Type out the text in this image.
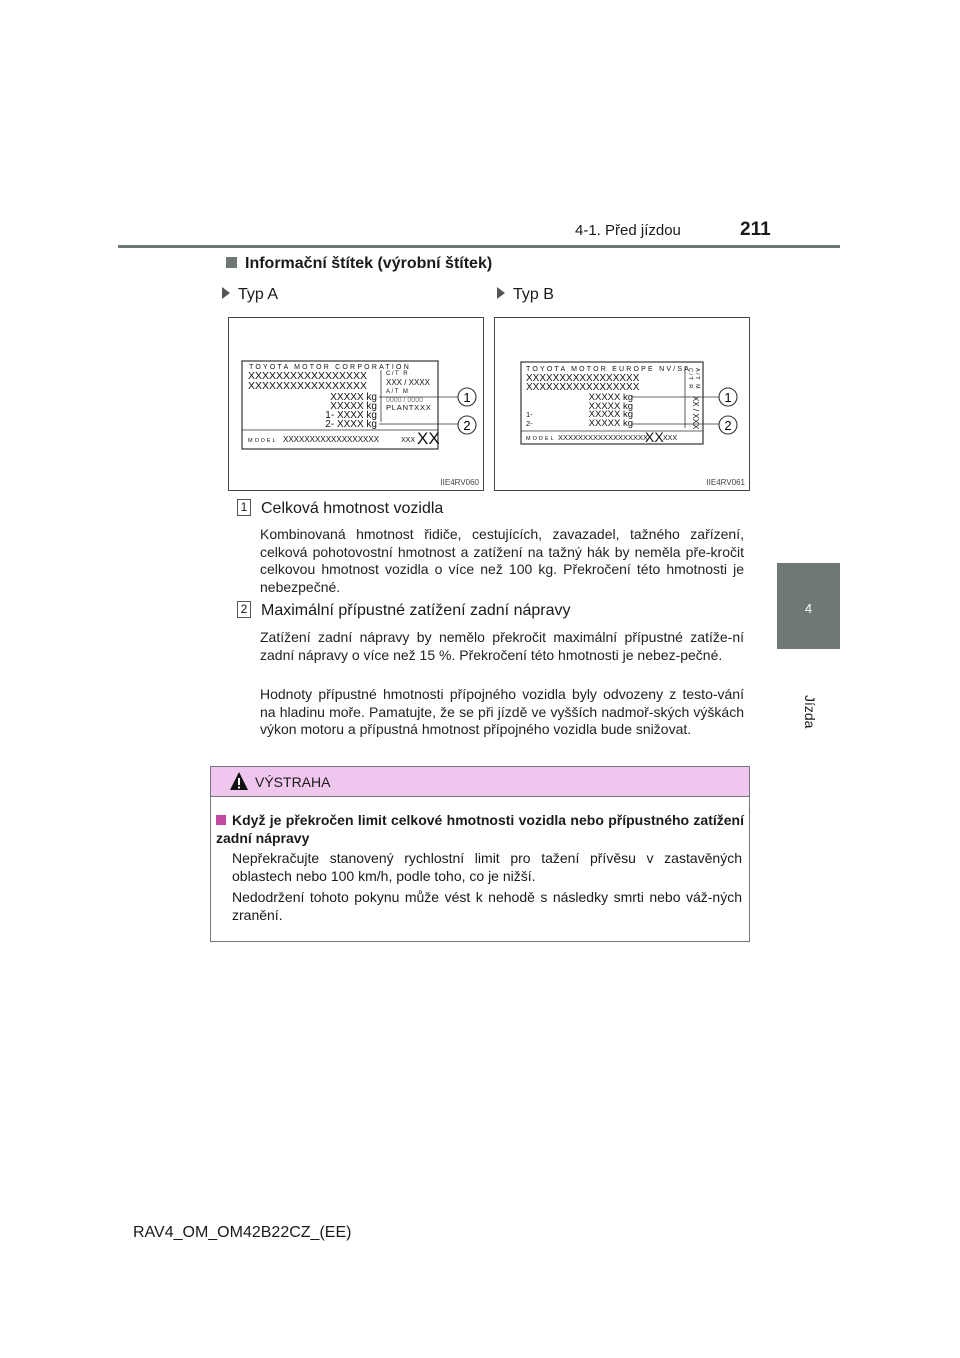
4-1. Před jízdou	211
4
Jízda
Informační štítek (výrobní štítek)
Typ A	Typ B
TOYOTA MOTOR CORPORATION
XXXXXXXXXXXXXXXXX
XXXXXXXXXXXXXXXXX
XXXXX kg
XXXXX kg
1- XXXX kg
2- XXXX kg
C/T R
XXX / XXXX
A/T M
0000 / 0000
PLANTXXX
MODEL XXXXXXXXXXXXXXXXXX	XXX XX
1
2
IIE4RV060
TOYOTA MOTOR EUROPE NV/SA
XXXXXXXXXXXXXXXXX
XXXXXXXXXXXXXXXXX
XXXXX kg
XXXXX kg
1-	XXXXX kg
2-	XXXXX kg
MODEL XXXXXXXXXXXXXXXXXX
XX XXX
C/T R A/T M
XX / XXX 1
2
IIE4RV061
1 Celková hmotnost vozidla
Kombinovaná hmotnost řidiče, cestujících, zavazadel, tažného zařízení, celková pohotovostní hmotnost a zatížení na tažný hák by neměla pře-kročit celkovou hmotnost vozidla o více než 100 kg. Překročení této hmotnosti je nebezpečné.
2 Maximální přípustné zatížení zadní nápravy
Zatížení zadní nápravy by nemělo překročit maximální přípustné zatíže-ní zadní nápravy o více než 15 %. Překročení této hmotnosti je nebez-pečné.
Hodnoty přípustné hmotnosti přípojného vozidla byly odvozeny z testo-vání na hladinu moře. Pamatujte, že se při jízdě ve vyšších nadmoř-ských výškách výkon motoru a přípustná hmotnost přípojného vozidla bude snižovat.
VÝSTRAHA
Když je překročen limit celkové hmotnosti vozidla nebo přípustného zatížení zadní nápravy
Nepřekračujte stanovený rychlostní limit pro tažení přívěsu v zastavěných oblastech nebo 100 km/h, podle toho, co je nižší.
Nedodržení tohoto pokynu může vést k nehodě s následky smrti nebo váž-ných zranění.
RAV4_OM_OM42B22CZ_(EE)
